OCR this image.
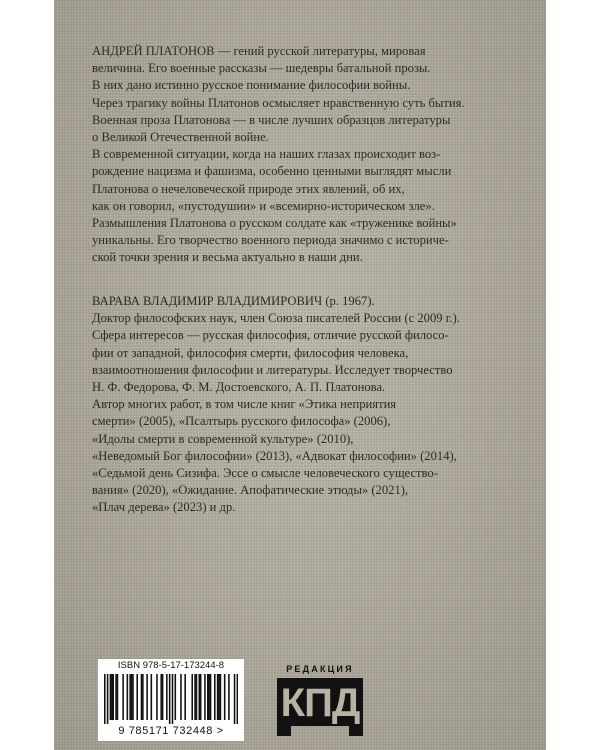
АНДРЕЙ ПЛАТОНОВ — гений русской литературы, мировая
величина. Его военные рассказы — шедевры батальной прозы.
В них дано истинно русское понимание философии войны.
Через трагику войны Платонов осмысляет нравственную суть бытия.
Военная проза Платонова — в числе лучших образцов литературы
о Великой Отечественной войне.
В современной ситуации, когда на наших глазах происходит воз-
рождение нацизма и фашизма, особенно ценными выглядят мысли
Платонова о нечеловеческой природе этих явлений, об их,
как он говорил, «пустодушии» и «всемирно-историческом зле».
Размышления Платонова о русском солдате как «труженике войны»
уникальны. Его творчество военного периода значимо с историче-
ской точки зрения и весьма актуально в наши дни.
ВАРАВА ВЛАДИМИР ВЛАДИМИРОВИЧ (р. 1967).
Доктор философских наук, член Союза писателей России (с 2009 г.).
Сфера интересов — русская философия, отличие русской филосо-
фии от западной, философия смерти, философия человека,
взаимоотношения философии и литературы. Исследует творчество
Н. Ф. Федорова, Ф. М. Достоевского, А. П. Платонова.
Автор многих работ, в том числе книг «Этика неприятия
смерти» (2005), «Псалтырь русского философа» (2006),
«Идолы смерти в современной культуре» (2010),
«Неведомый Бог философии» (2013), «Адвокат философии» (2014),
«Седьмой день Сизифа. Эссе о смысле человеческого существо-
вания» (2020), «Ожидание. Апофатические этюды» (2021),
«Плач дерева» (2023) и др.
ISBN 978-5-17-173244-8
9 785171 732448 >
РЕДАКЦИЯ
КПД
